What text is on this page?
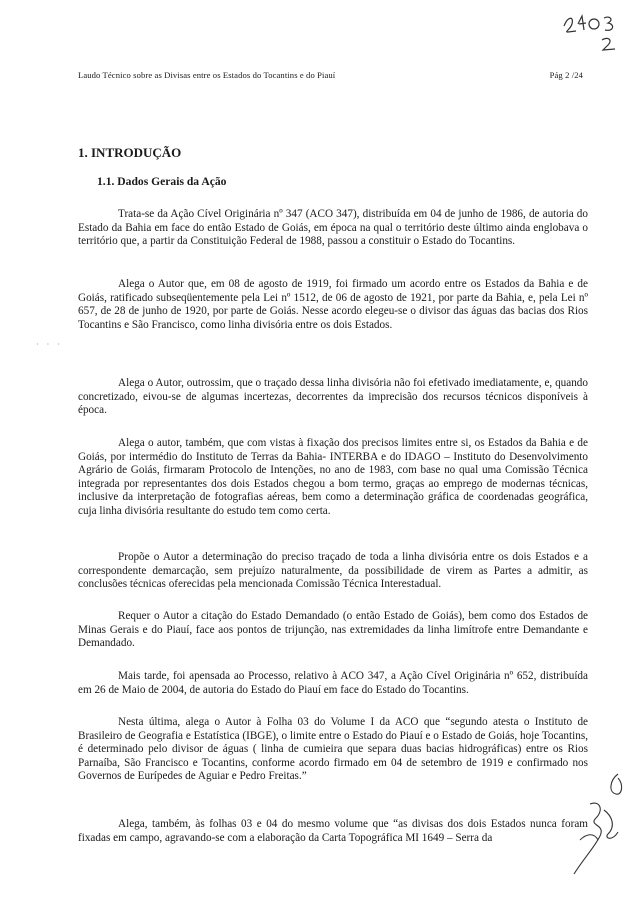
Laudo Técnico sobre as Divisas entre os Estados do Tocantins e do Piauí	Pág 2 /24
1. INTRODUÇÃO
1.1. Dados Gerais da Ação

Trata-se da Ação Cível Originária nº 347 (ACO 347), distribuída em 04 de junho de 1986, de autoria do Estado da Bahia em face do então Estado de Goiás, em época na qual o território deste último ainda englobava o território que, a partir da Constituição Federal de 1988, passou a constituir o Estado do Tocantins.

Alega o Autor que, em 08 de agosto de 1919, foi firmado um acordo entre os Estados da Bahia e de Goiás, ratificado subseqüentemente pela Lei nº 1512, de 06 de agosto de 1921, por parte da Bahia, e, pela Lei nº 657, de 28 de junho de 1920, por parte de Goiás. Nesse acordo elegeu-se o divisor das águas das bacias dos Rios Tocantins e São Francisco, como linha divisória entre os dois Estados.

Alega o Autor, outrossim, que o traçado dessa linha divisória não foi efetivado imediatamente, e, quando concretizado, eivou-se de algumas incertezas, decorrentes da imprecisão dos recursos técnicos disponíveis à época.

Alega o autor, também, que com vistas à fixação dos precisos limites entre si, os Estados da Bahia e de Goiás, por intermédio do Instituto de Terras da Bahia- INTERBA e do IDAGO – Instituto do Desenvolvimento Agrário de Goiás, firmaram Protocolo de Intenções, no ano de 1983, com base no qual uma Comissão Técnica integrada por representantes dos dois Estados chegou a bom termo, graças ao emprego de modernas técnicas, inclusive da interpretação de fotografias aéreas, bem como a determinação gráfica de coordenadas geográfica, cuja linha divisória resultante do estudo tem como certa.

Propõe o Autor a determinação do preciso traçado de toda a linha divisória entre os dois Estados e a correspondente demarcação, sem prejuízo naturalmente, da possibilidade de virem as Partes a admitir, as conclusões técnicas oferecidas pela mencionada Comissão Técnica Interestadual.

Requer o Autor a citação do Estado Demandado (o então Estado de Goiás), bem como dos Estados de Minas Gerais e do Piauí, face aos pontos de trijunção, nas extremidades da linha limítrofe entre Demandante e Demandado.

Mais tarde, foi apensada ao Processo, relativo à ACO 347, a Ação Cível Originária nº 652, distribuída em 26 de Maio de 2004, de autoria do Estado do Piauí em face do Estado do Tocantins.

Nesta última, alega o Autor à Folha 03 do Volume I da ACO que “segundo atesta o Instituto de Brasileiro de Geografia e Estatística (IBGE), o limite entre o Estado do Piauí e o Estado de Goiás, hoje Tocantins, é determinado pelo divisor de águas ( linha de cumieira que separa duas bacias hidrográficas) entre os Rios Parnaíba, São Francisco e Tocantins, conforme acordo firmado em 04 de setembro de 1919 e confirmado nos Governos de Eurípedes de Aguiar e Pedro Freitas.”

Alega, também, às folhas 03 e 04 do mesmo volume que “as divisas dos dois Estados nunca foram fixadas em campo, agravando-se com a elaboração da Carta Topográfica MI 1649 – Serra da

· · ·
